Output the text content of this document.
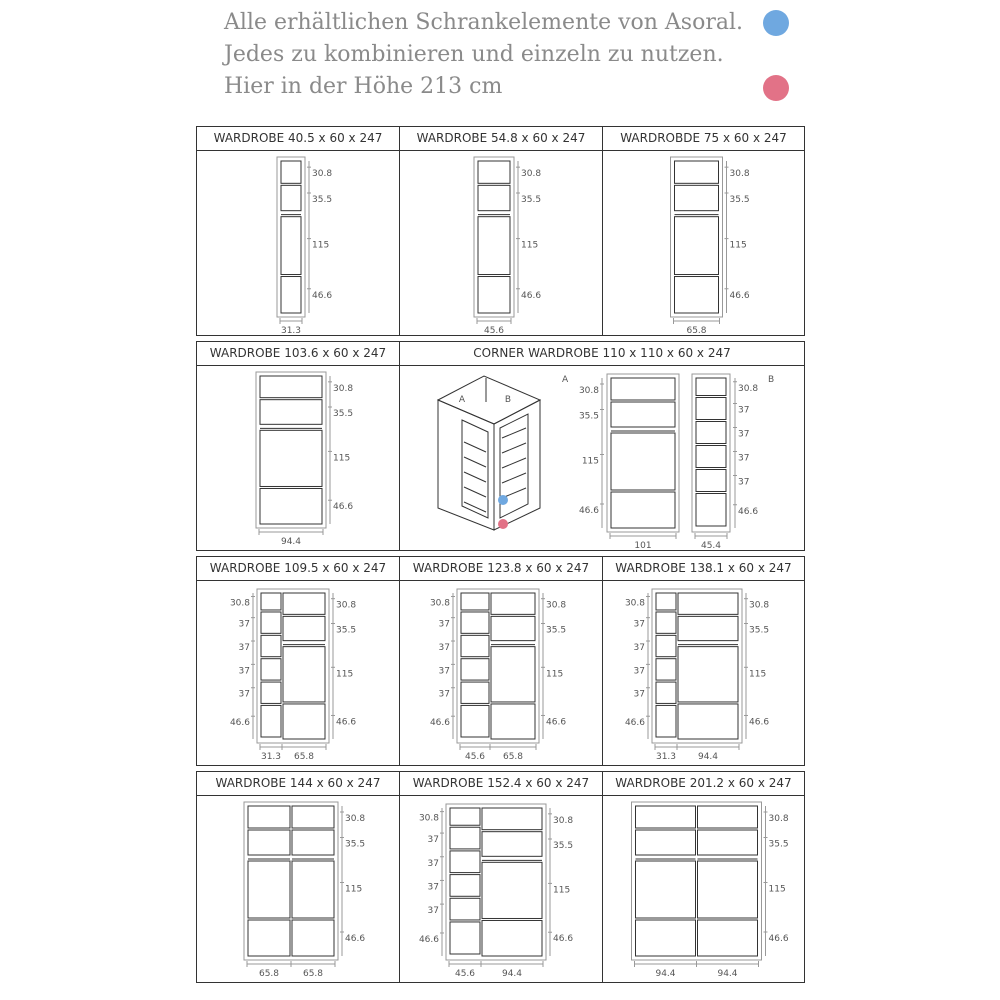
Alle erhältlichen Schrankelemente von Asoral.
Jedes zu kombinieren und einzeln zu nutzen.
Hier in der Höhe 213 cm
WARDROBE 40.5 x 60 x 247
30.8
35.5
115
46.6
31.3
WARDROBE 54.8 x 60 x 247
30.8
35.5
115
46.6
45.6
WARDROBDE 75 x 60 x 247
30.8
35.5
115
46.6
65.8
WARDROBE 103.6 x 60 x 247
30.8
35.5
115
46.6
94.4
CORNER WARDROBE 110 x 110 x 60 x 247
A	B
A
30.8
35.5
115
46.6
B
30.8
37
37
37
37
46.6
101	45.4
WARDROBE 109.5 x 60 x 247
30.8
37
37
37
37
46.6
30.8
35.5
115
46.6
31.3 65.8
WARDROBE 123.8 x 60 x 247
30.8
37
37
37
37
46.6
30.8
35.5
115
46.6
45.6 65.8
WARDROBE 138.1 x 60 x 247
30.8
37
37
37
37
46.6
30.8
35.5
115
46.6
31.3 94.4
WARDROBE 144 x 60 x 247
30.8
35.5
115
46.6
65.8	65.8
WARDROBE 152.4 x 60 x 247
30.8
37
37
37
37
46.6
30.8
35.5
115
46.6
45.6	94.4
WARDROBE 201.2 x 60 x 247
30.8
35.5
115
46.6
94.4	94.4
